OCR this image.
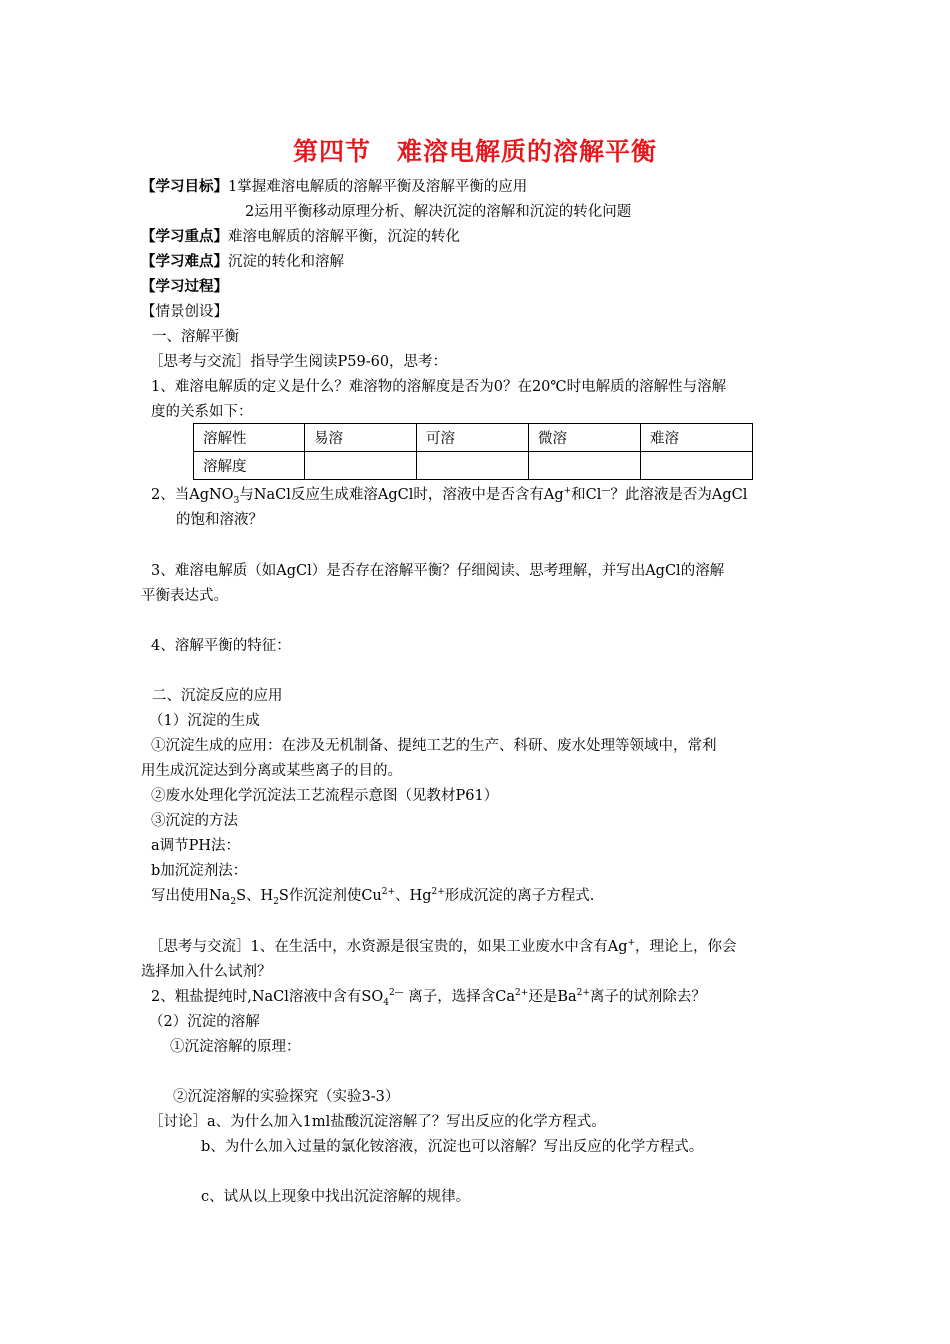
第四节　难溶电解质的溶解平衡
【学习目标】1掌握难溶电解质的溶解平衡及溶解平衡的应用
2运用平衡移动原理分析、解决沉淀的溶解和沉淀的转化问题
【学习重点】难溶电解质的溶解平衡，沉淀的转化
【学习难点】沉淀的转化和溶解
【学习过程】
【情景创设】
一、溶解平衡
［思考与交流］指导学生阅读P59-60，思考：
1、难溶电解质的定义是什么？难溶物的溶解度是否为0？在20℃时电解质的溶解性与溶解
度的关系如下：
溶解性	易溶	可溶	微溶	难溶
溶解度				
2、当AgNO$_3$与NaCl反应生成难溶AgCl时，溶液中是否含有Ag+和Cl—？此溶液是否为AgCl
的饱和溶液？
3、难溶电解质（如AgCl）是否存在溶解平衡？仔细阅读、思考理解，并写出AgCl的溶解
平衡表达式。
4、溶解平衡的特征：
二、沉淀反应的应用
（1）沉淀的生成
①沉淀生成的应用：在涉及无机制备、提纯工艺的生产、科研、废水处理等领域中，常利
用生成沉淀达到分离或某些离子的目的。
②废水处理化学沉淀法工艺流程示意图（见教材P61）
③沉淀的方法
a调节PH法：
b加沉淀剂法：
写出使用$Na_2S$、$H_2S$作沉淀剂使$Cu^{2+}$、$Hg^{2+}$形成沉淀的离子方程式.
［思考与交流］1、在生活中，水资源是很宝贵的，如果工业废水中含有Ag+，理论上，你会
选择加入什么试剂？
2、粗盐提纯时,NaCl溶液中含有$SO_4^{2—}$ 离子，选择含$Ca^{2+}$还是$Ba^{2+}$离子的试剂除去？
（2）沉淀的溶解
①沉淀溶解的原理：
②沉淀溶解的实验探究（实验3-3）
［讨论］a、为什么加入1ml盐酸沉淀溶解了？写出反应的化学方程式。
b、为什么加入过量的氯化铵溶液，沉淀也可以溶解？写出反应的化学方程式。
c、试从以上现象中找出沉淀溶解的规律。
